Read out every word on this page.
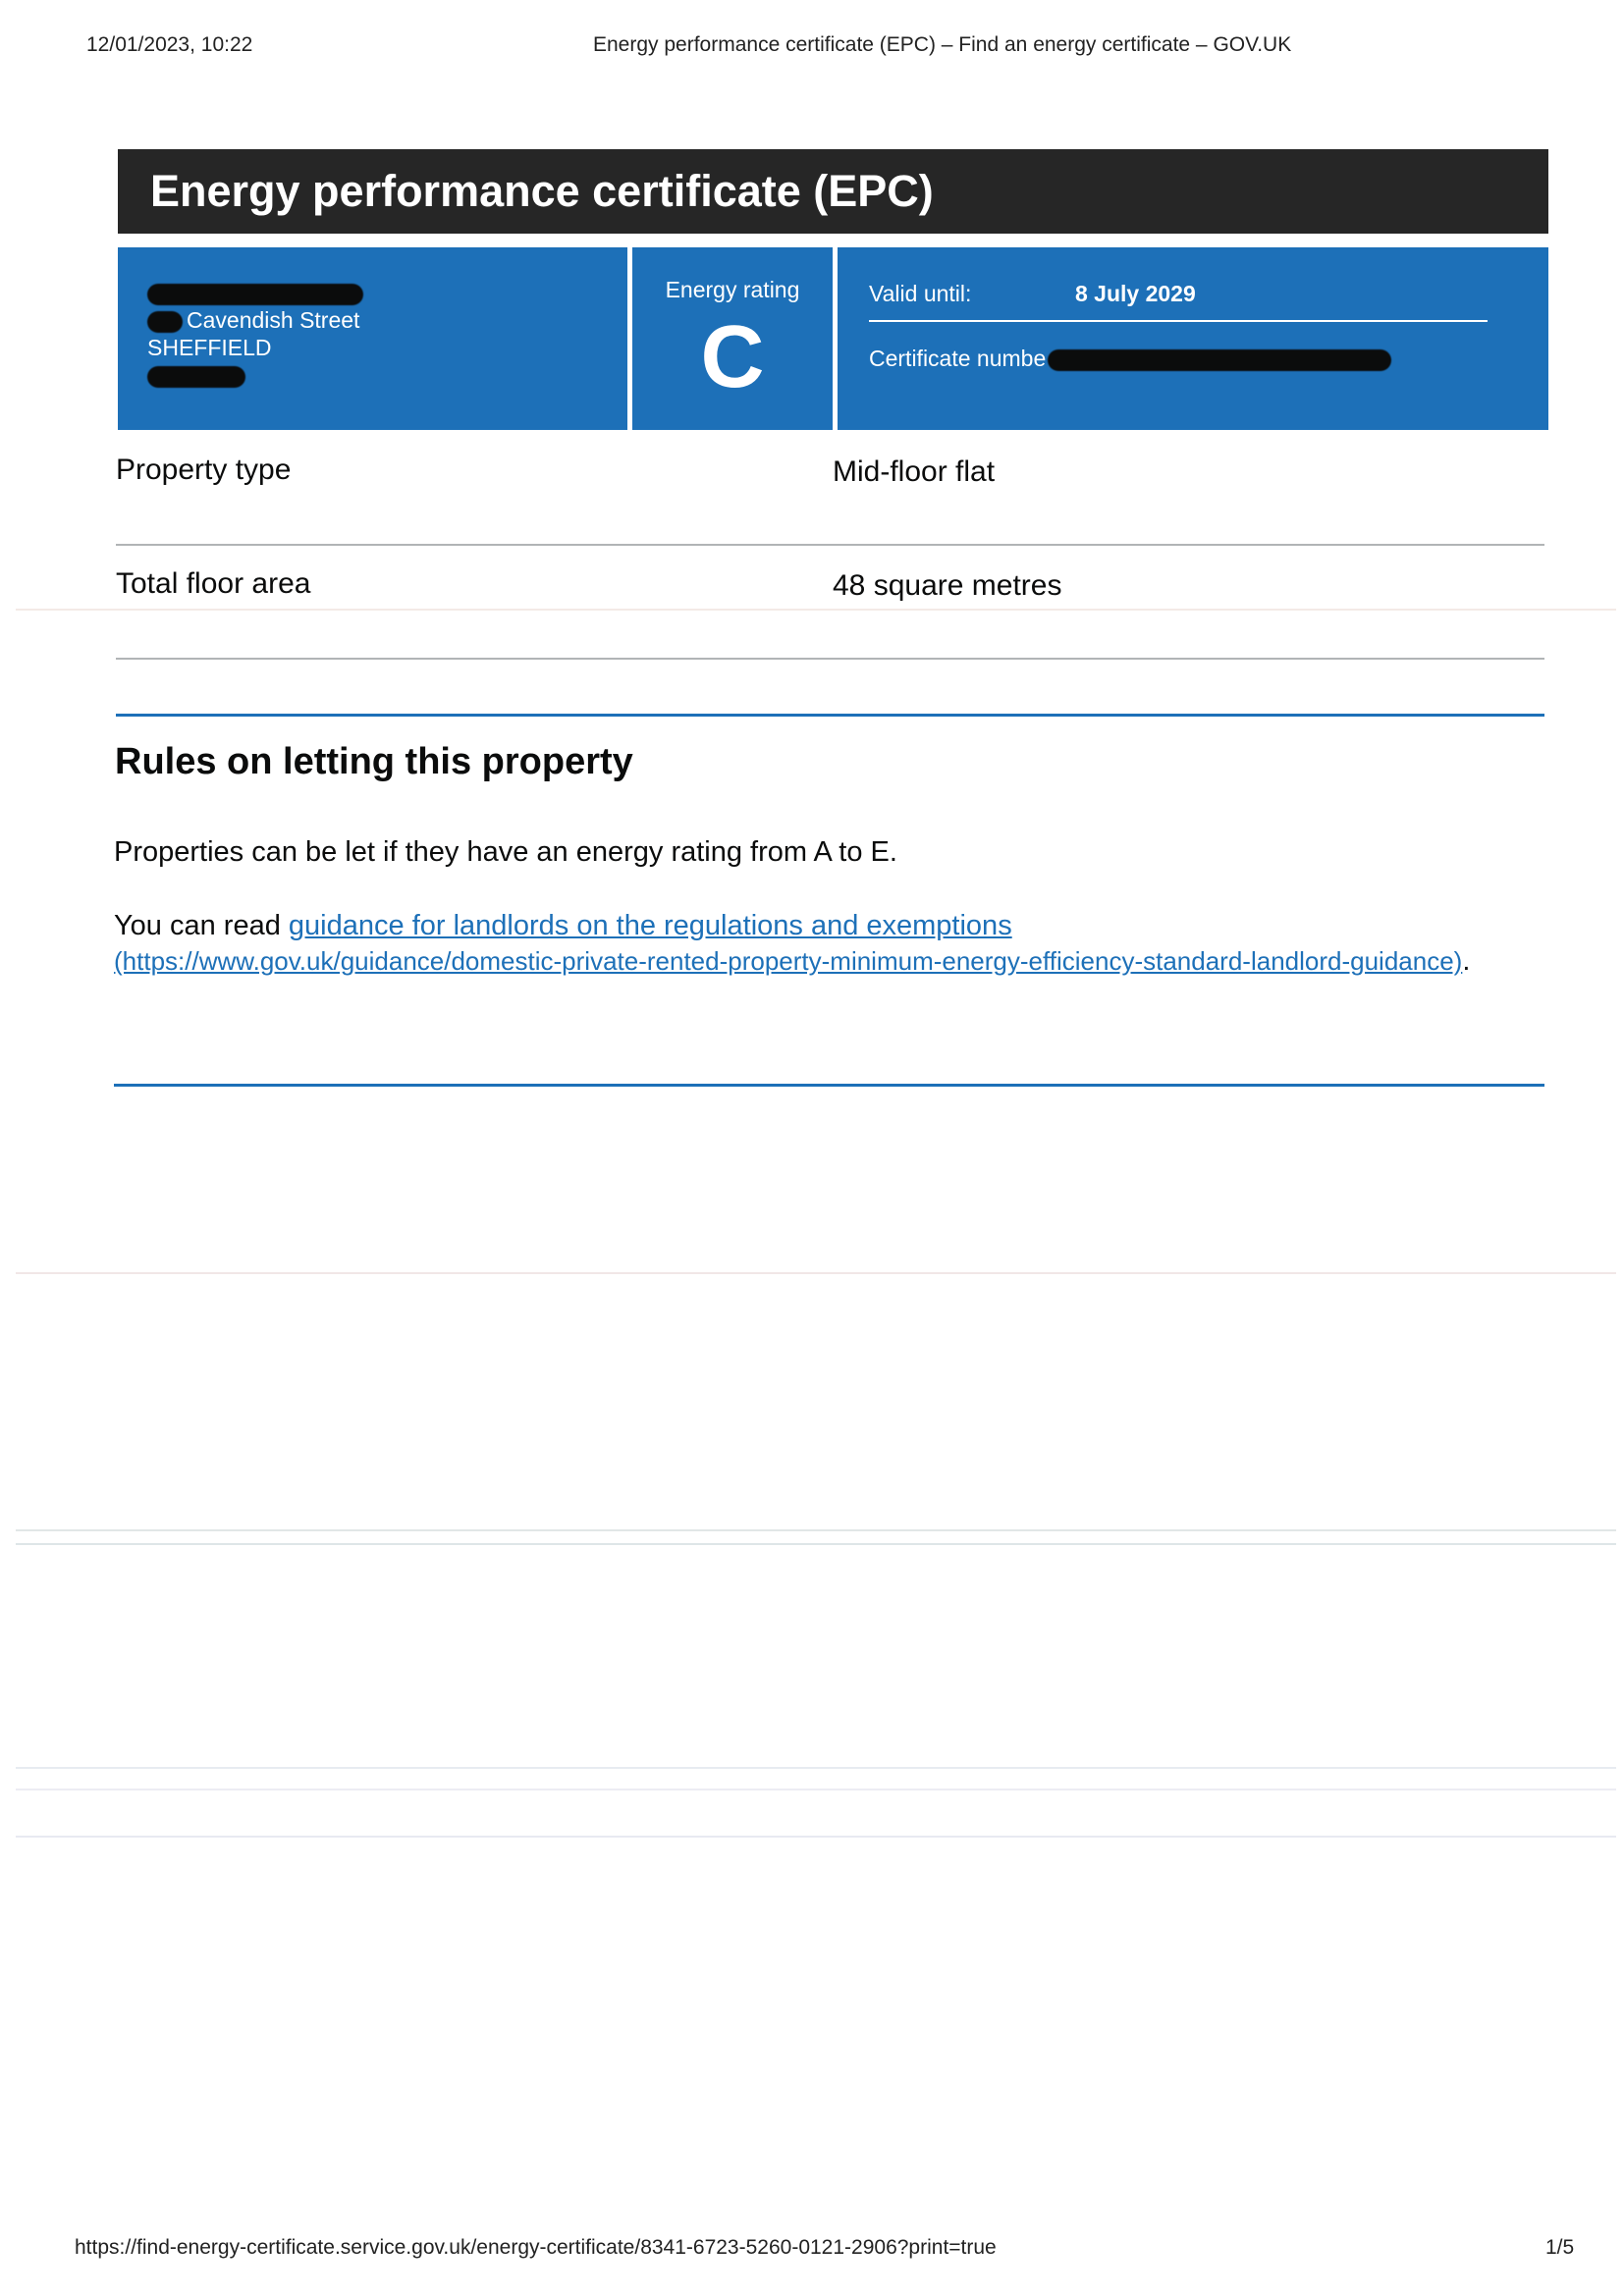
12/01/2023, 10:22	Energy performance certificate (EPC) – Find an energy certificate – GOV.UK
Energy performance certificate (EPC)
Cavendish Street
SHEFFIELD
Energy rating
C
Valid until:	8 July 2029
Certificate numbe
Property type	Mid-floor flat
Total floor area	48 square metres
Rules on letting this property

Properties can be let if they have an energy rating from A to E.

You can read guidance for landlords on the regulations and exemptions
(https://www.gov.uk/guidance/domestic-private-rented-property-minimum-energy-efficiency-standard-landlord-guidance).

https://find-energy-certificate.service.gov.uk/energy-certificate/8341-6723-5260-0121-2906?print=true	1/5
